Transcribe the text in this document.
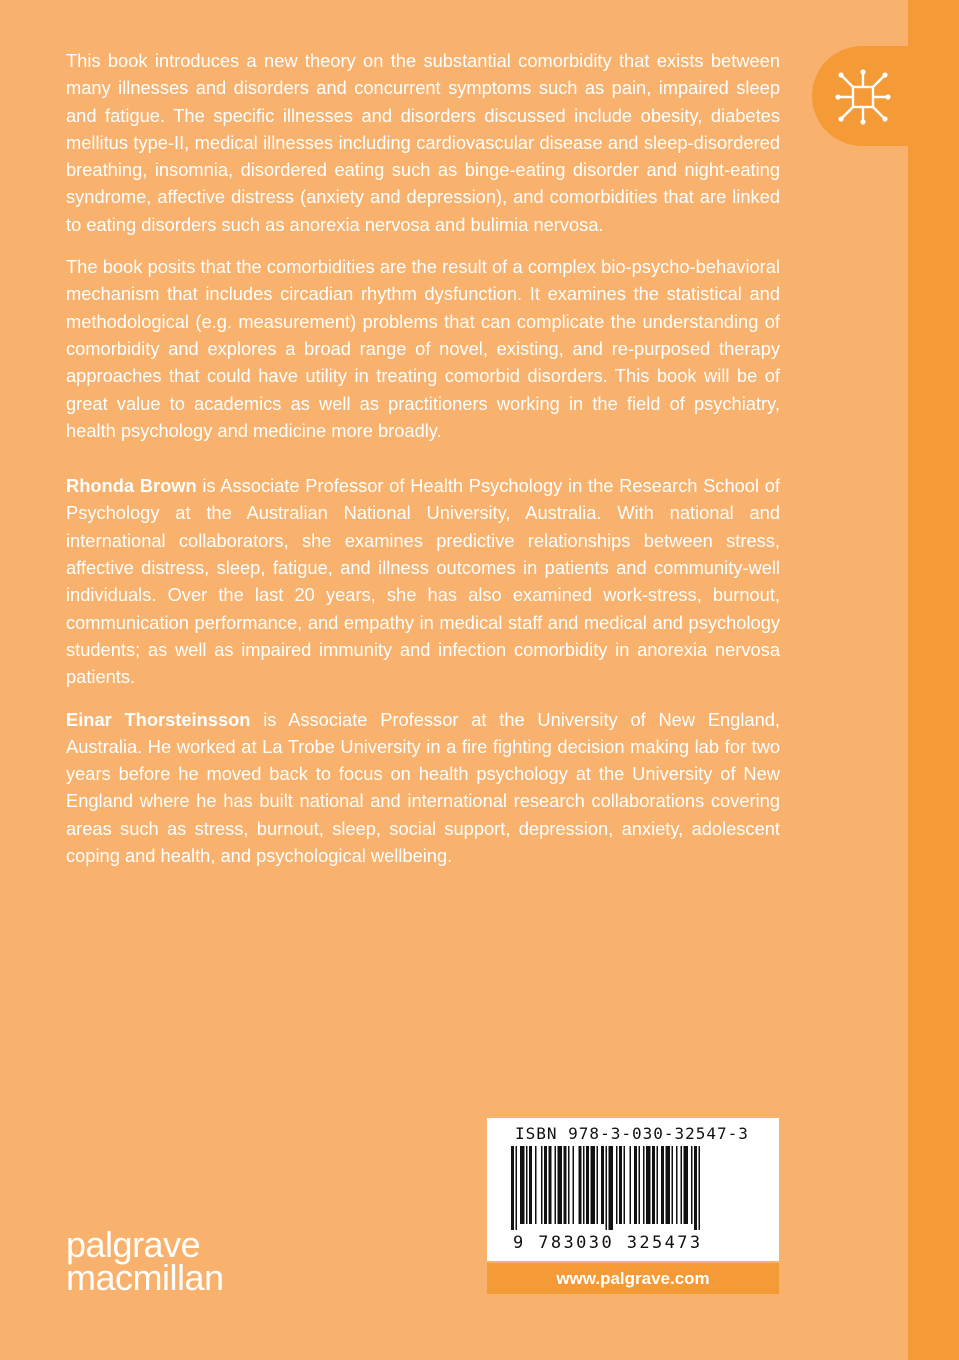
This book introduces a new theory on the substantial comorbidity that exists between many illnesses and disorders and concurrent symptoms such as pain, impaired sleep and fatigue. The specific illnesses and disorders discussed include obesity, diabetes mellitus type-II, medical illnesses including cardiovascular disease and sleep-disordered breathing, insomnia, disordered eating such as binge-eating disorder and night-eating syndrome, affective distress (anxiety and depression), and comorbidities that are linked to eating disorders such as anorexia nervosa and bulimia nervosa.

The book posits that the comorbidities are the result of a complex bio-psycho-behavioral mechanism that includes circadian rhythm dysfunction. It examines the statistical and methodological (e.g. measurement) problems that can complicate the understanding of comorbidity and explores a broad range of novel, existing, and re-purposed therapy approaches that could have utility in treating comorbid disorders. This book will be of great value to academics as well as practitioners working in the field of psychiatry, health psychology and medicine more broadly.

Rhonda Brown is Associate Professor of Health Psychology in the Research School of Psychology at the Australian National University, Australia. With national and international collaborators, she examines predictive relationships between stress, affective distress, sleep, fatigue, and illness outcomes in patients and community-well individuals. Over the last 20 years, she has also examined work-stress, burnout, communication performance, and empathy in medical staff and medical and psychology students; as well as impaired immunity and infection comorbidity in anorexia nervosa patients.

Einar Thorsteinsson is Associate Professor at the University of New England, Australia. He worked at La Trobe University in a fire fighting decision making lab for two years before he moved back to focus on health psychology at the University of New England where he has built national and international research collaborations covering areas such as stress, burnout, sleep, social support, depression, anxiety, adolescent coping and health, and psychological wellbeing.

ISBN 978-3-030-32547-3
9 783030 325473
www.palgrave.com
palgrave
macmillan
